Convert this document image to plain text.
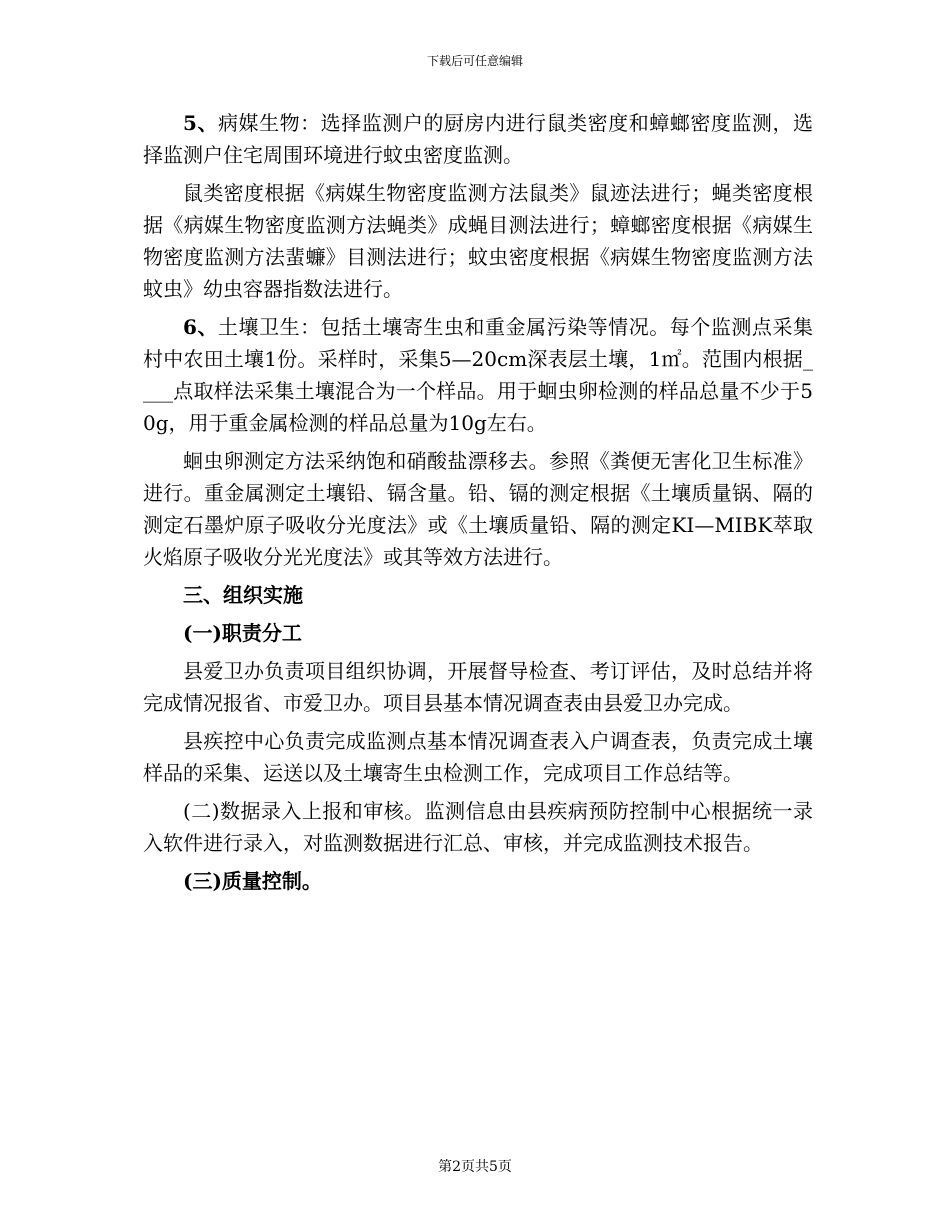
下载后可任意编辑

5、病媒生物：选择监测户的厨房内进行鼠类密度和蟑螂密度监测，选择监测户住宅周围环境进行蚊虫密度监测。

鼠类密度根据《病媒生物密度监测方法鼠类》鼠迹法进行；蝇类密度根据《病媒生物密度监测方法蝇类》成蝇目测法进行；蟑螂密度根据《病媒生物密度监测方法蜚蠊》目测法进行；蚊虫密度根据《病媒生物密度监测方法蚊虫》幼虫容器指数法进行。

6、土壤卫生：包括土壤寄生虫和重金属污染等情况。每个监测点采集村中农田土壤1份。采样时，采集5—20cm深表层土壤，1㎡。范围内根据____点取样法采集土壤混合为一个样品。用于蛔虫卵检测的样品总量不少于50g，用于重金属检测的样品总量为10g左右。

蛔虫卵测定方法采纳饱和硝酸盐漂移去。参照《粪便无害化卫生标准》进行。重金属测定土壤铅、镉含量。铅、镉的测定根据《土壤质量锅、隔的测定石墨炉原子吸收分光度法》或《土壤质量铅、隔的测定KI—MIBK萃取火焰原子吸收分光光度法》或其等效方法进行。

三、组织实施

(一)职责分工

县爱卫办负责项目组织协调，开展督导检查、考订评估，及时总结并将完成情况报省、市爱卫办。项目县基本情况调查表由县爱卫办完成。

县疾控中心负责完成监测点基本情况调查表入户调查表，负责完成土壤样品的采集、运送以及土壤寄生虫检测工作，完成项目工作总结等。

(二)数据录入上报和审核。监测信息由县疾病预防控制中心根据统一录入软件进行录入，对监测数据进行汇总、审核，并完成监测技术报告。

(三)质量控制。

第2页共5页
